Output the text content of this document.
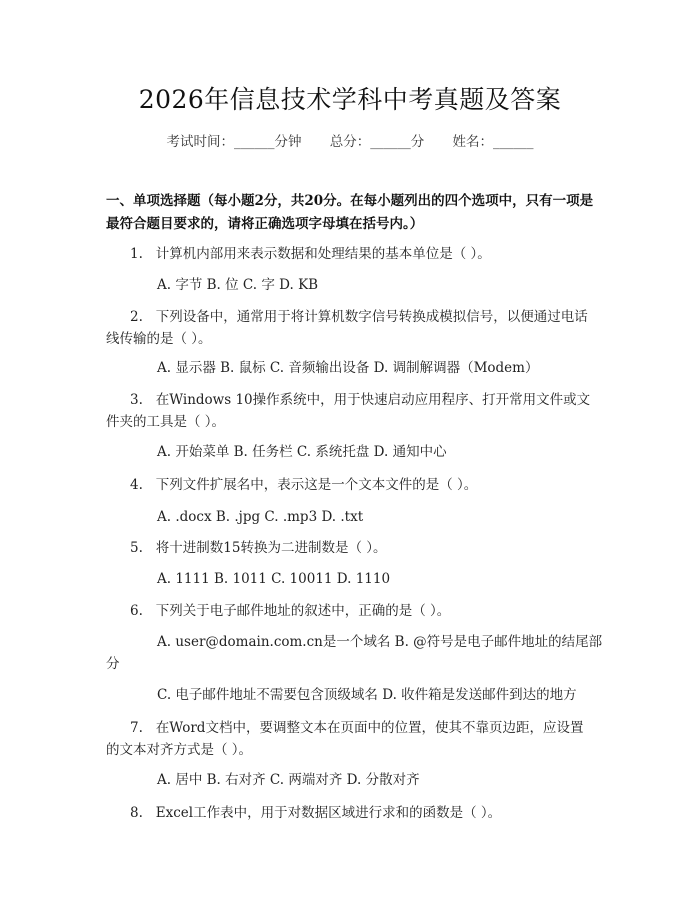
2026年信息技术学科中考真题及答案
考试时间：______分钟 总分：______分 姓名：______
一、单项选择题（每小题2分，共20分。在每小题列出的四个选项中，只有一项是最符合题目要求的，请将正确选项字母填在括号内。）
1. 计算机内部用来表示数据和处理结果的基本单位是（ ）。
A. 字节 B. 位 C. 字 D. KB
2. 下列设备中，通常用于将计算机数字信号转换成模拟信号，以便通过电话
线传输的是（ ）。
A. 显示器 B. 鼠标 C. 音频输出设备 D. 调制解调器（Modem）
3. 在Windows 10操作系统中，用于快速启动应用程序、打开常用文件或文
件夹的工具是（ ）。
A. 开始菜单 B. 任务栏 C. 系统托盘 D. 通知中心
4. 下列文件扩展名中，表示这是一个文本文件的是（ ）。
A. .docx B. .jpg C. .mp3 D. .txt
5. 将十进制数15转换为二进制数是（ ）。
A. 1111 B. 1011 C. 10011 D. 1110
6. 下列关于电子邮件地址的叙述中，正确的是（ ）。
A. user@domain.com.cn是一个域名 B. @符号是电子邮件地址的结尾部
分
C. 电子邮件地址不需要包含顶级域名 D. 收件箱是发送邮件到达的地方
7. 在Word文档中，要调整文本在页面中的位置，使其不靠页边距，应设置
的文本对齐方式是（ ）。
A. 居中 B. 右对齐 C. 两端对齐 D. 分散对齐
8. Excel工作表中，用于对数据区域进行求和的函数是（ ）。
